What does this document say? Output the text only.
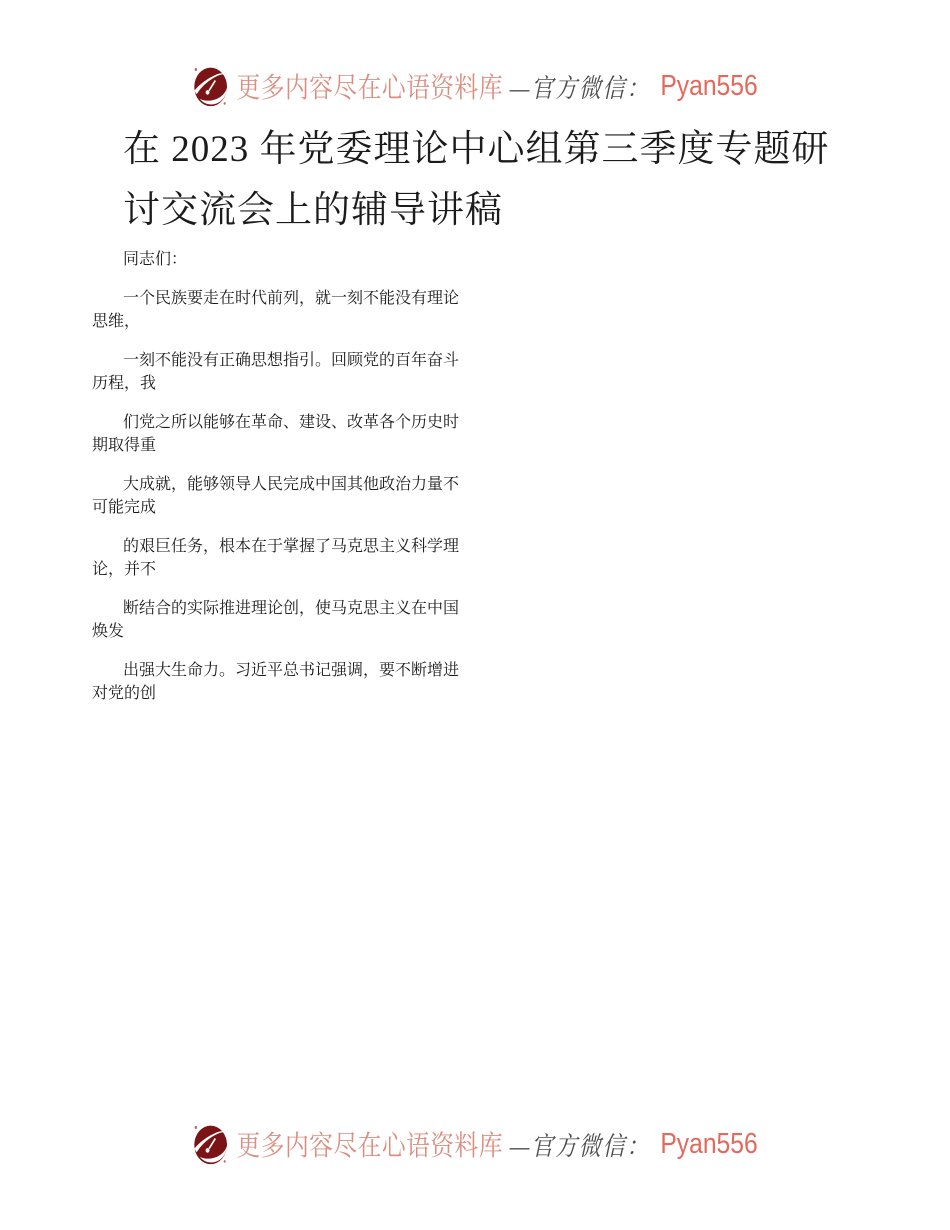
更多内容尽在心语资料库 —官方微信： Pyan556
在 2023 年党委理论中心组第三季度专题研
讨交流会上的辅导讲稿

同志们：

一个民族要走在时代前列，就一刻不能没有理论
思维，

一刻不能没有正确思想指引。回顾党的百年奋斗
历程，我

们党之所以能够在革命、建设、改革各个历史时
期取得重

大成就，能够领导人民完成中国其他政治力量不
可能完成

的艰巨任务，根本在于掌握了马克思主义科学理
论，并不

断结合的实际推进理论创，使马克思主义在中国
焕发

出强大生命力。习近平总书记强调，要不断增进
对党的创

更多内容尽在心语资料库 —官方微信： Pyan556
